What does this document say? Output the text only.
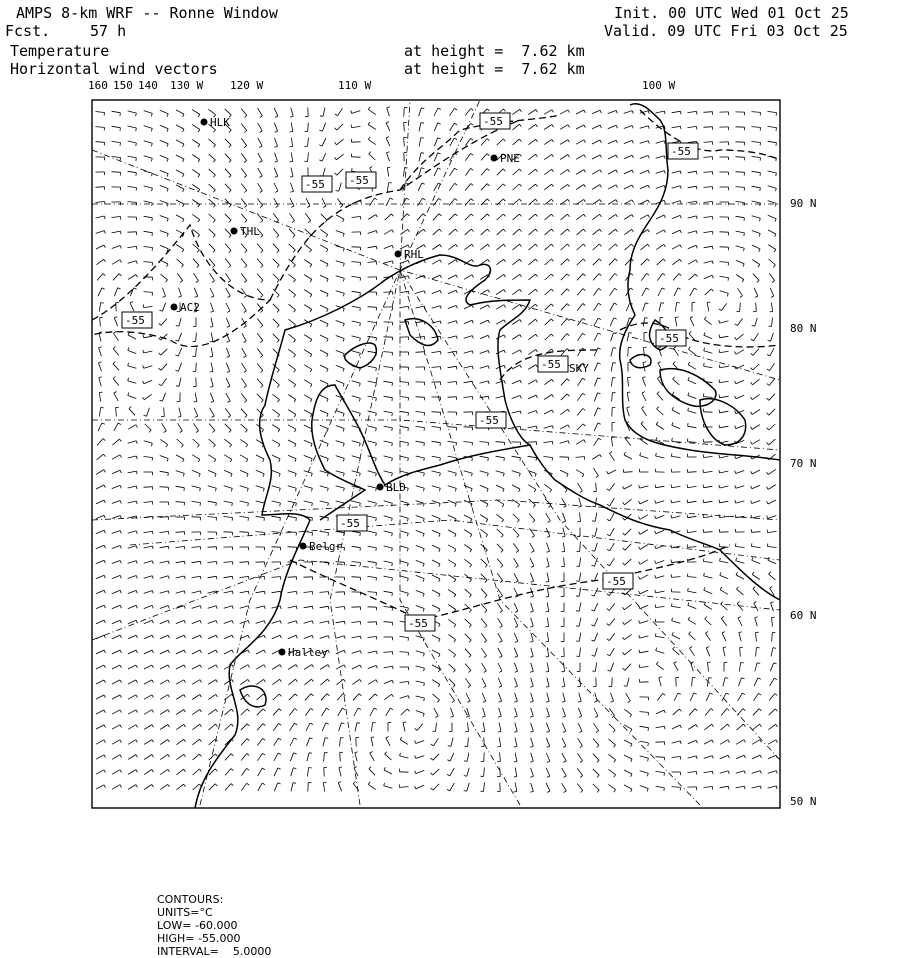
AMPS 8-km WRF -- Ronne Window
Fcst.	57 h
Init. 00 UTC Wed 01 Oct 25
Valid. 09 UTC Fri 03 Oct 25
Temperature
Horizontal wind vectors
at height =  7.62 km
at height =  7.62 km
160 150 140 130 W 120 W	110 W	100 W
90 N
80 N
70 N
60 N
50 N
HLK
PNE
THL
RHL
AC2
SKY
BLD
Belgr
Halley
-55
-55 -55
-55
-55
-55
-55
-55
-55
-55
-55

CONTOURS:
UNITS=°C
LOW= -60.000
HIGH= -55.000
INTERVAL=    5.0000
